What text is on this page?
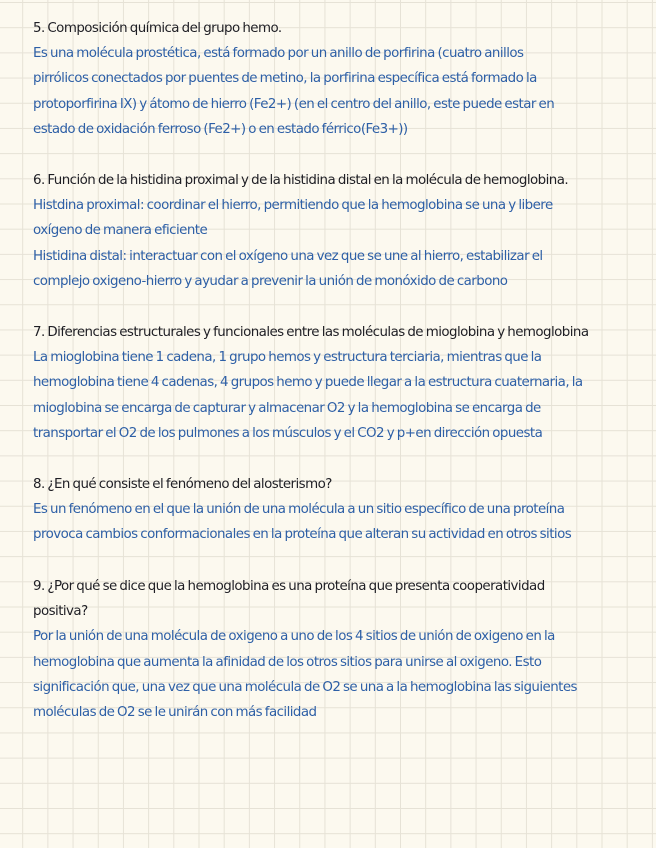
5. Composición química del grupo hemo.
Es una molécula prostética, está formado por un anillo de porfirina (cuatro anillos
pirrólicos conectados por puentes de metino, la porfirina específica está formado la
protoporfirina IX) y átomo de hierro (Fe2+) (en el centro del anillo, este puede estar en
estado de oxidación ferroso (Fe2+) o en estado férrico(Fe3+))
6. Función de la histidina proximal y de la histidina distal en la molécula de hemoglobina.
Histdina proximal: coordinar el hierro, permitiendo que la hemoglobina se una y libere
oxígeno de manera eficiente
Histidina distal: interactuar con el oxígeno una vez que se une al hierro, estabilizar el
complejo oxigeno-hierro y ayudar a prevenir la unión de monóxido de carbono
7. Diferencias estructurales y funcionales entre las moléculas de mioglobina y hemoglobina
La mioglobina tiene 1 cadena, 1 grupo hemos y estructura terciaria, mientras que la
hemoglobina tiene 4 cadenas, 4 grupos hemo y puede llegar a la estructura cuaternaria, la
mioglobina se encarga de capturar y almacenar O2 y la hemoglobina se encarga de
transportar el O2 de los pulmones a los músculos y el CO2 y p+en dirección opuesta
8. ¿En qué consiste el fenómeno del alosterismo?
Es un fenómeno en el que la unión de una molécula a un sitio específico de una proteína
provoca cambios conformacionales en la proteína que alteran su actividad en otros sitios
9. ¿Por qué se dice que la hemoglobina es una proteína que presenta cooperatividad
positiva?
Por la unión de una molécula de oxigeno a uno de los 4 sitios de unión de oxigeno en la
hemoglobina que aumenta la afinidad de los otros sitios para unirse al oxigeno. Esto
significación que, una vez que una molécula de O2 se una a la hemoglobina las siguientes
moléculas de O2 se le unirán con más facilidad
